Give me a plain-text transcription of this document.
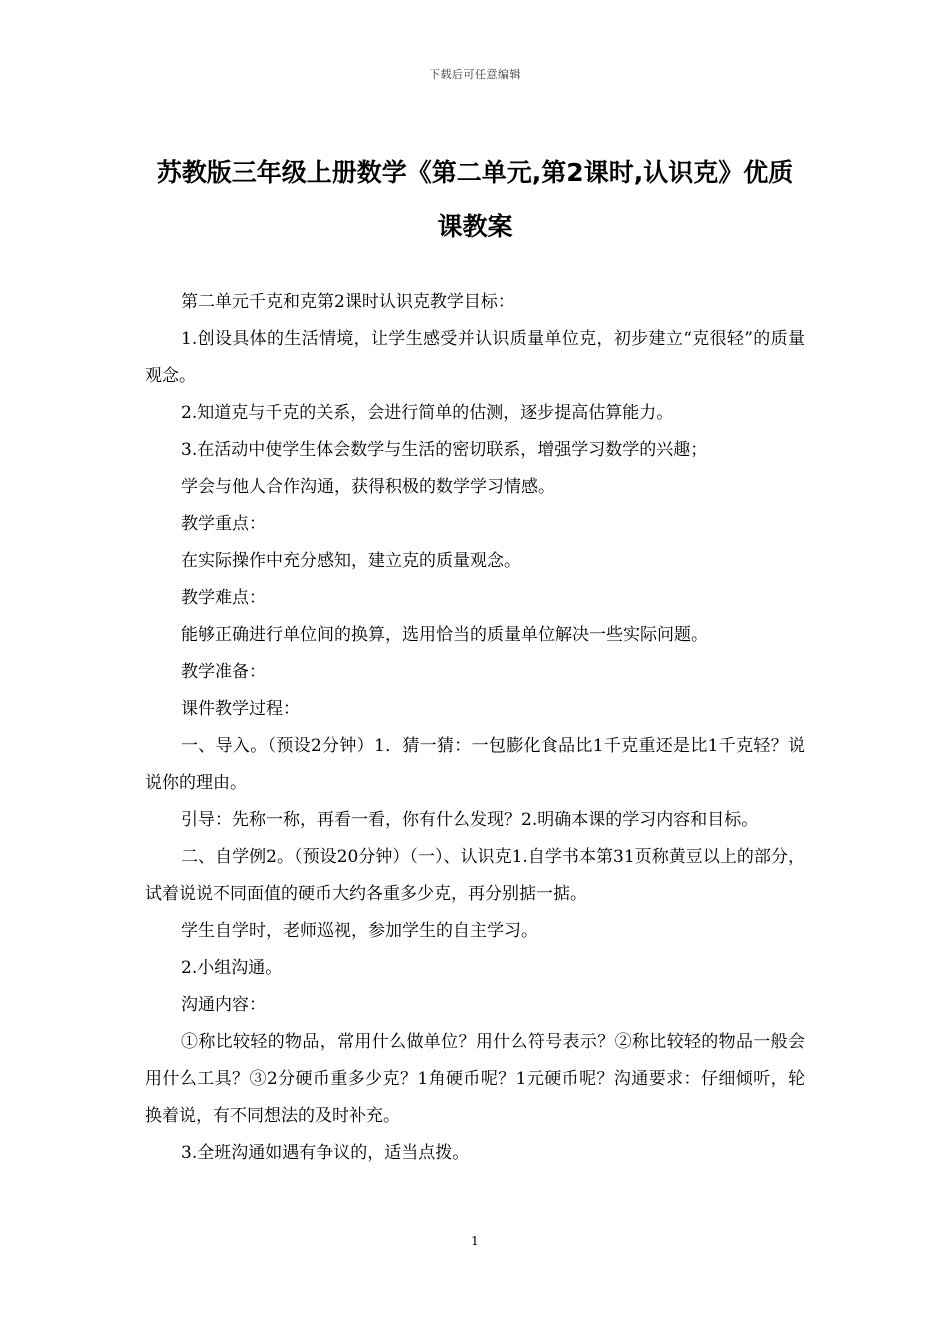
下载后可任意编辑
苏教版三年级上册数学《第二单元,第2课时,认识克》优质
课教案

第二单元千克和克第2课时认识克教学目标：

1.创设具体的生活情境，让学生感受并认识质量单位克，初步建立“克很轻”的质量观念。

2.知道克与千克的关系，会进行简单的估测，逐步提高估算能力。

3.在活动中使学生体会数学与生活的密切联系，增强学习数学的兴趣；

学会与他人合作沟通，获得积极的数学学习情感。

教学重点：

在实际操作中充分感知，建立克的质量观念。

教学难点：

能够正确进行单位间的换算，选用恰当的质量单位解决一些实际问题。

教学准备：

课件教学过程：

一、导入。（预设2分钟）1．猜一猜：一包膨化食品比1千克重还是比1千克轻？说说你的理由。

引导：先称一称，再看一看，你有什么发现？2.明确本课的学习内容和目标。

二、自学例2。（预设20分钟）（一）、认识克1.自学书本第31页称黄豆以上的部分，试着说说不同面值的硬币大约各重多少克，再分别掂一掂。

学生自学时，老师巡视，参加学生的自主学习。

2.小组沟通。

沟通内容：

①称比较轻的物品，常用什么做单位？用什么符号表示？②称比较轻的物品一般会用什么工具？③2分硬币重多少克？1角硬币呢？1元硬币呢？沟通要求：仔细倾听，轮换着说，有不同想法的及时补充。

3.全班沟通如遇有争议的，适当点拨。

1
